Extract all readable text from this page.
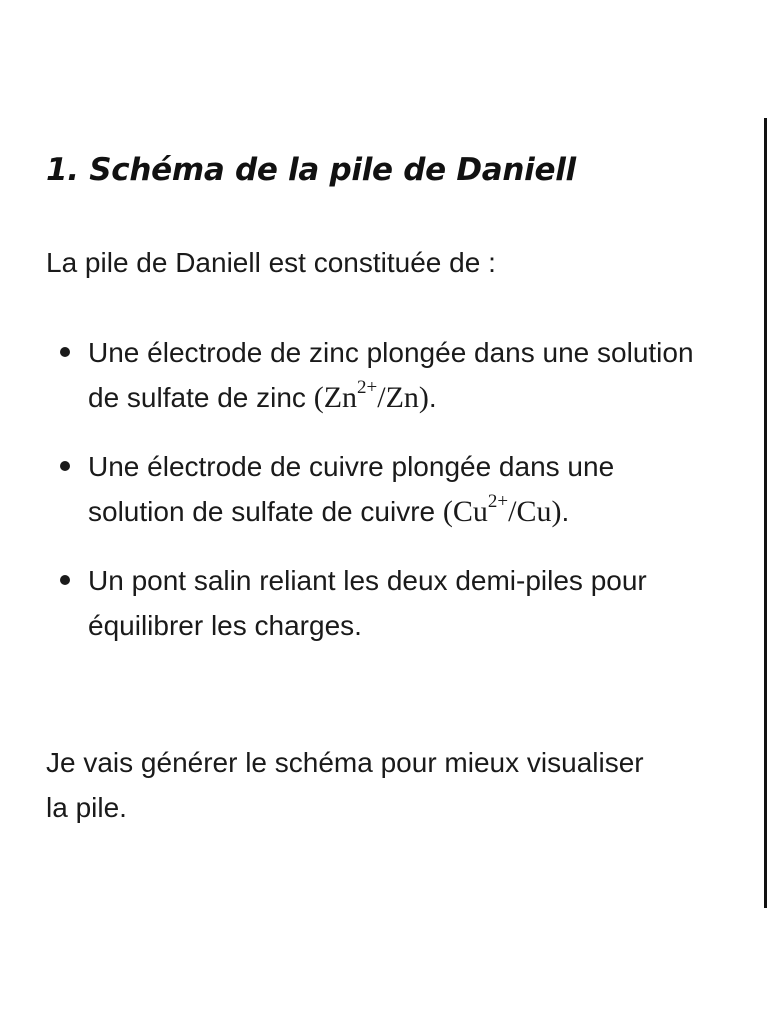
1. Schéma de la pile de Daniell

La pile de Daniell est constituée de :

Une électrode de zinc plongée dans une solution de sulfate de zinc $(Zn^{2+}/Zn)$.
Une électrode de cuivre plongée dans une solution de sulfate de cuivre $(Cu^{2+}/Cu)$.
Un pont salin reliant les deux demi-piles pour équilibrer les charges.

Je vais générer le schéma pour mieux visualiser la pile.
